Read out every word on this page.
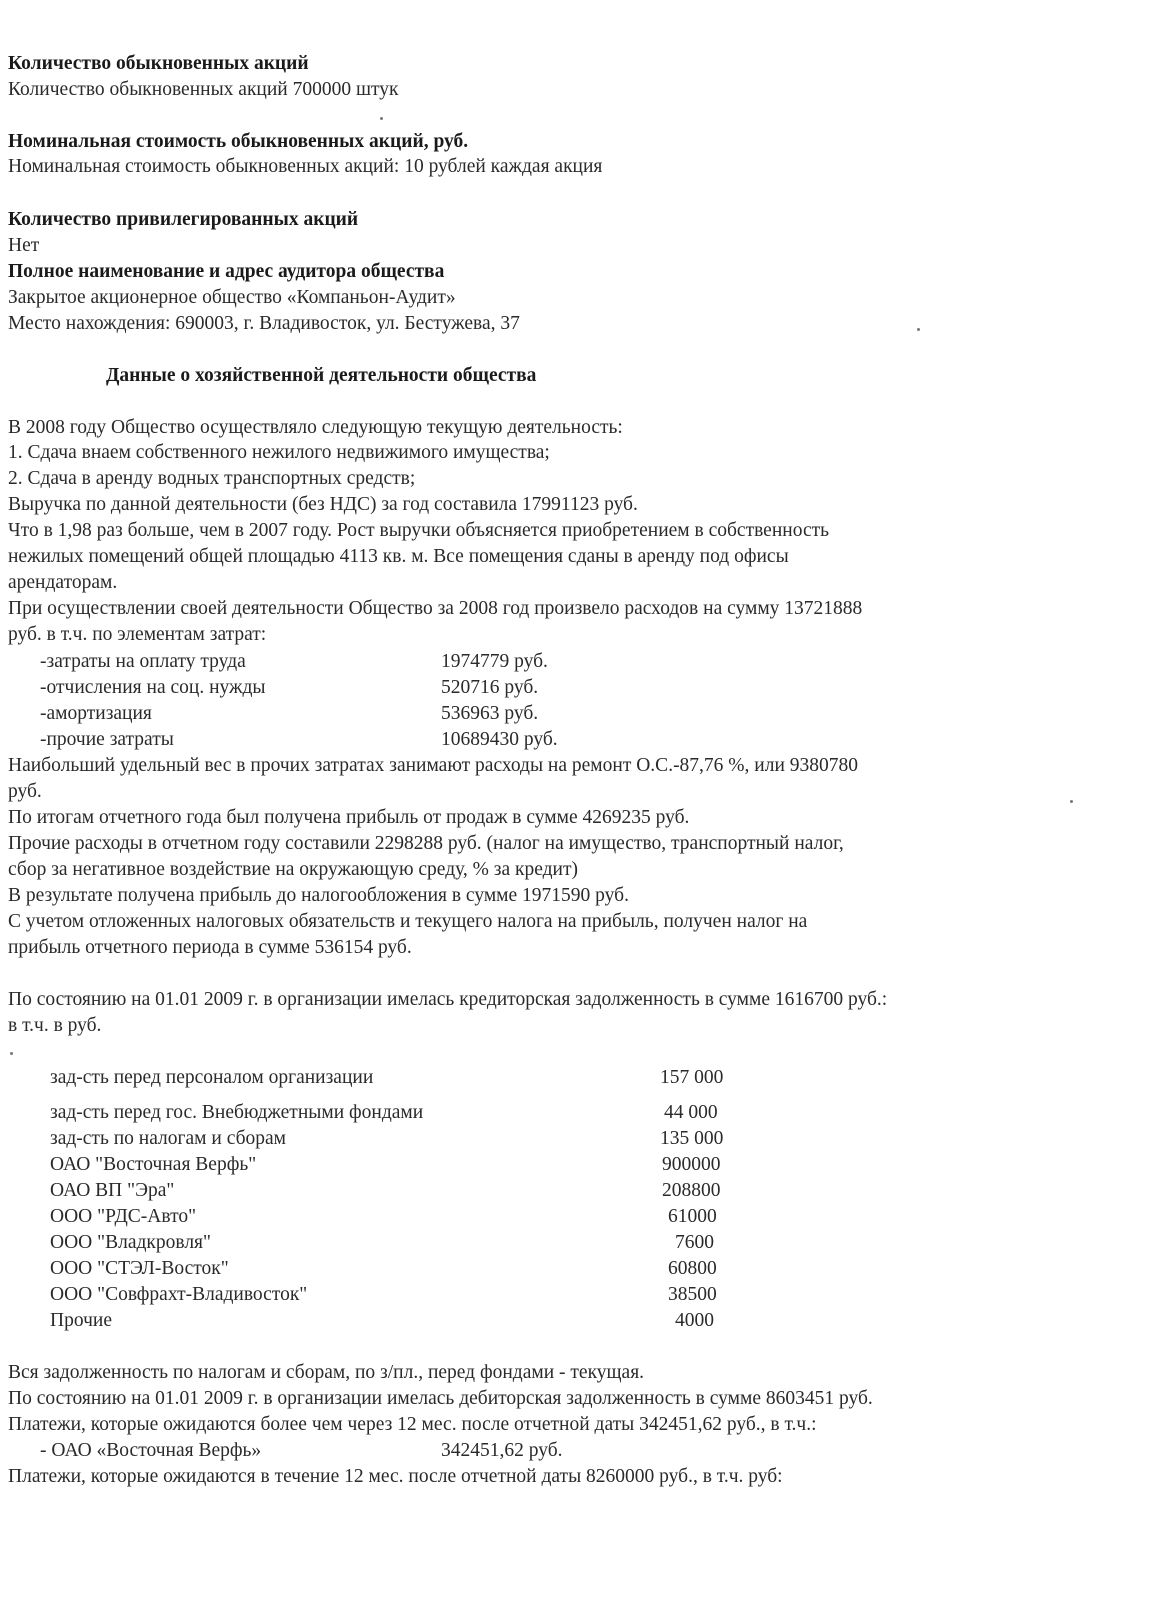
Количество обыкновенных акций
Количество обыкновенных акций 700000 штук
Номинальная стоимость обыкновенных акций, руб.
Номинальная стоимость обыкновенных акций: 10 рублей каждая акция
Количество привилегированных акций
Нет
Полное наименование и адрес аудитора общества
Закрытое акционерное общество «Компаньон-Аудит»
Место нахождения: 690003, г. Владивосток, ул. Бестужева, 37
Данные о хозяйственной деятельности общества
В 2008 году Общество осуществляло следующую текущую деятельность:
1. Сдача внаем собственного нежилого недвижимого имущества;
2. Сдача в аренду водных транспортных средств;
Выручка по данной деятельности (без НДС) за год составила 17991123 руб.
Что в 1,98 раз больше, чем в 2007 году. Рост выручки объясняется приобретением в собственность
нежилых помещений общей площадью 4113 кв. м. Все помещения сданы в аренду под офисы
арендаторам.
При осуществлении своей деятельности Общество за 2008 год произвело расходов на сумму 13721888
руб. в т.ч. по элементам затрат:
-затраты на оплату труда	1974779 руб.
-отчисления на соц. нужды	520716 руб.
-амортизация	536963 руб.
-прочие затраты	10689430 руб.
Наибольший удельный вес в прочих затратах занимают расходы на ремонт О.С.-87,76 %, или 9380780
руб.
По итогам отчетного года был получена прибыль от продаж в сумме 4269235 руб.
Прочие расходы в отчетном году составили 2298288 руб. (налог на имущество, транспортный налог,
сбор за негативное воздействие на окружающую среду, % за кредит)
В результате получена прибыль до налогообложения в сумме 1971590 руб.
С учетом отложенных налоговых обязательств и текущего налога на прибыль, получен налог на
прибыль отчетного периода в сумме 536154 руб.
По состоянию на 01.01 2009 г. в организации имелась кредиторская задолженность в сумме 1616700 руб.:
в т.ч. в руб.
зад-сть перед персоналом организации	157 000
зад-сть перед гос. Внебюджетными фондами	44 000
зад-сть по налогам и сборам	135 000
ОАО "Восточная Верфь"	900000
ОАО ВП "Эра"	208800
ООО "РДС-Авто"	61000
ООО "Владкровля"	7600
ООО "СТЭЛ-Восток"	60800
ООО "Совфрахт-Владивосток"	38500
Прочие	4000
Вся задолженность по налогам и сборам, по з/пл., перед фондами - текущая.
По состоянию на 01.01 2009 г. в организации имелась дебиторская задолженность в сумме 8603451 руб.
Платежи, которые ожидаются более чем через 12 мес. после отчетной даты 342451,62 руб., в т.ч.:
- ОАО «Восточная Верфь»	342451,62 руб.
Платежи, которые ожидаются в течение 12 мес. после отчетной даты 8260000 руб., в т.ч. руб:
